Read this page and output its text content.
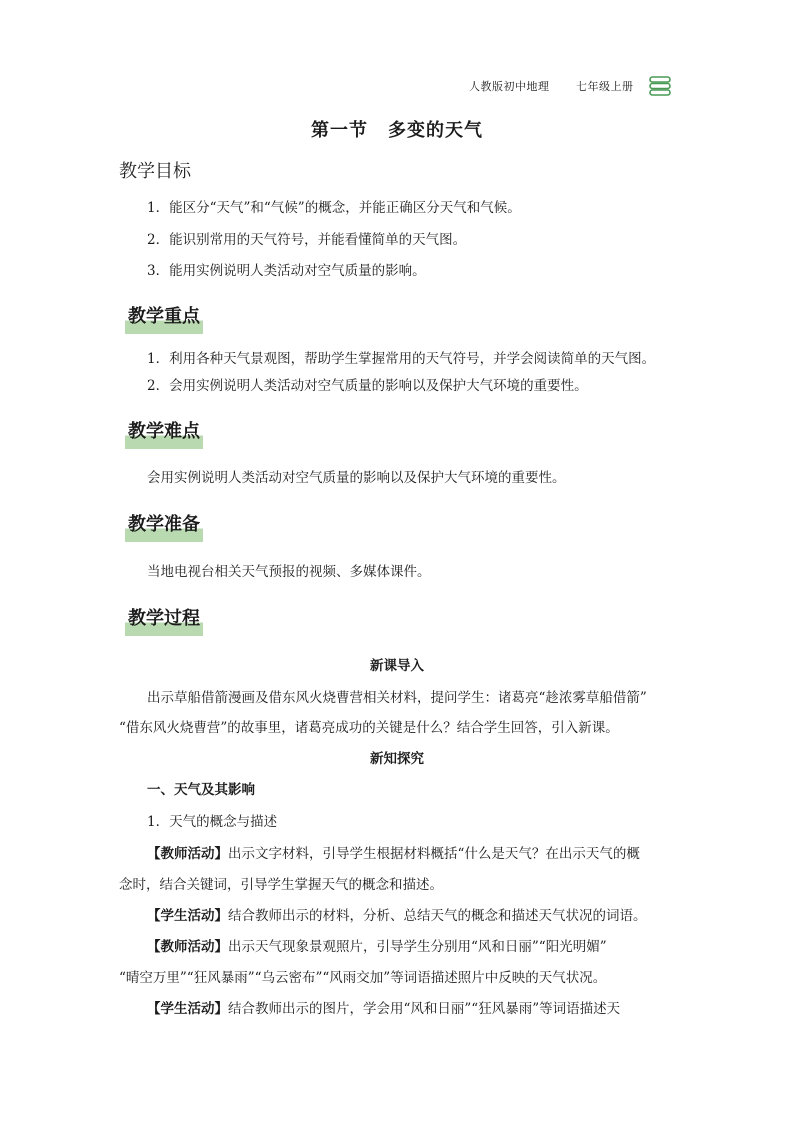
人教版初中地理 七年级上册
第一节 多变的天气
教学目标
1．能区分“天气”和“气候”的概念，并能正确区分天气和气候。
2．能识别常用的天气符号，并能看懂简单的天气图。
3．能用实例说明人类活动对空气质量的影响。
教学重点
1．利用各种天气景观图，帮助学生掌握常用的天气符号，并学会阅读简单的天气图。
2．会用实例说明人类活动对空气质量的影响以及保护大气环境的重要性。
教学难点
会用实例说明人类活动对空气质量的影响以及保护大气环境的重要性。
教学准备
当地电视台相关天气预报的视频、多媒体课件。
教学过程
新课导入
出示草船借箭漫画及借东风火烧曹营相关材料，提问学生：诸葛亮“趁浓雾草船借箭”
“借东风火烧曹营”的故事里，诸葛亮成功的关键是什么？结合学生回答，引入新课。
新知探究
一、天气及其影响
1．天气的概念与描述
【教师活动】出示文字材料，引导学生根据材料概括“什么是天气？在出示天气的概
念时，结合关键词，引导学生掌握天气的概念和描述。
【学生活动】结合教师出示的材料，分析、总结天气的概念和描述天气状况的词语。
【教师活动】出示天气现象景观照片，引导学生分别用“风和日丽”“阳光明媚”
“晴空万里”“狂风暴雨”“乌云密布”“风雨交加”等词语描述照片中反映的天气状况。
【学生活动】结合教师出示的图片，学会用“风和日丽”“狂风暴雨”等词语描述天
